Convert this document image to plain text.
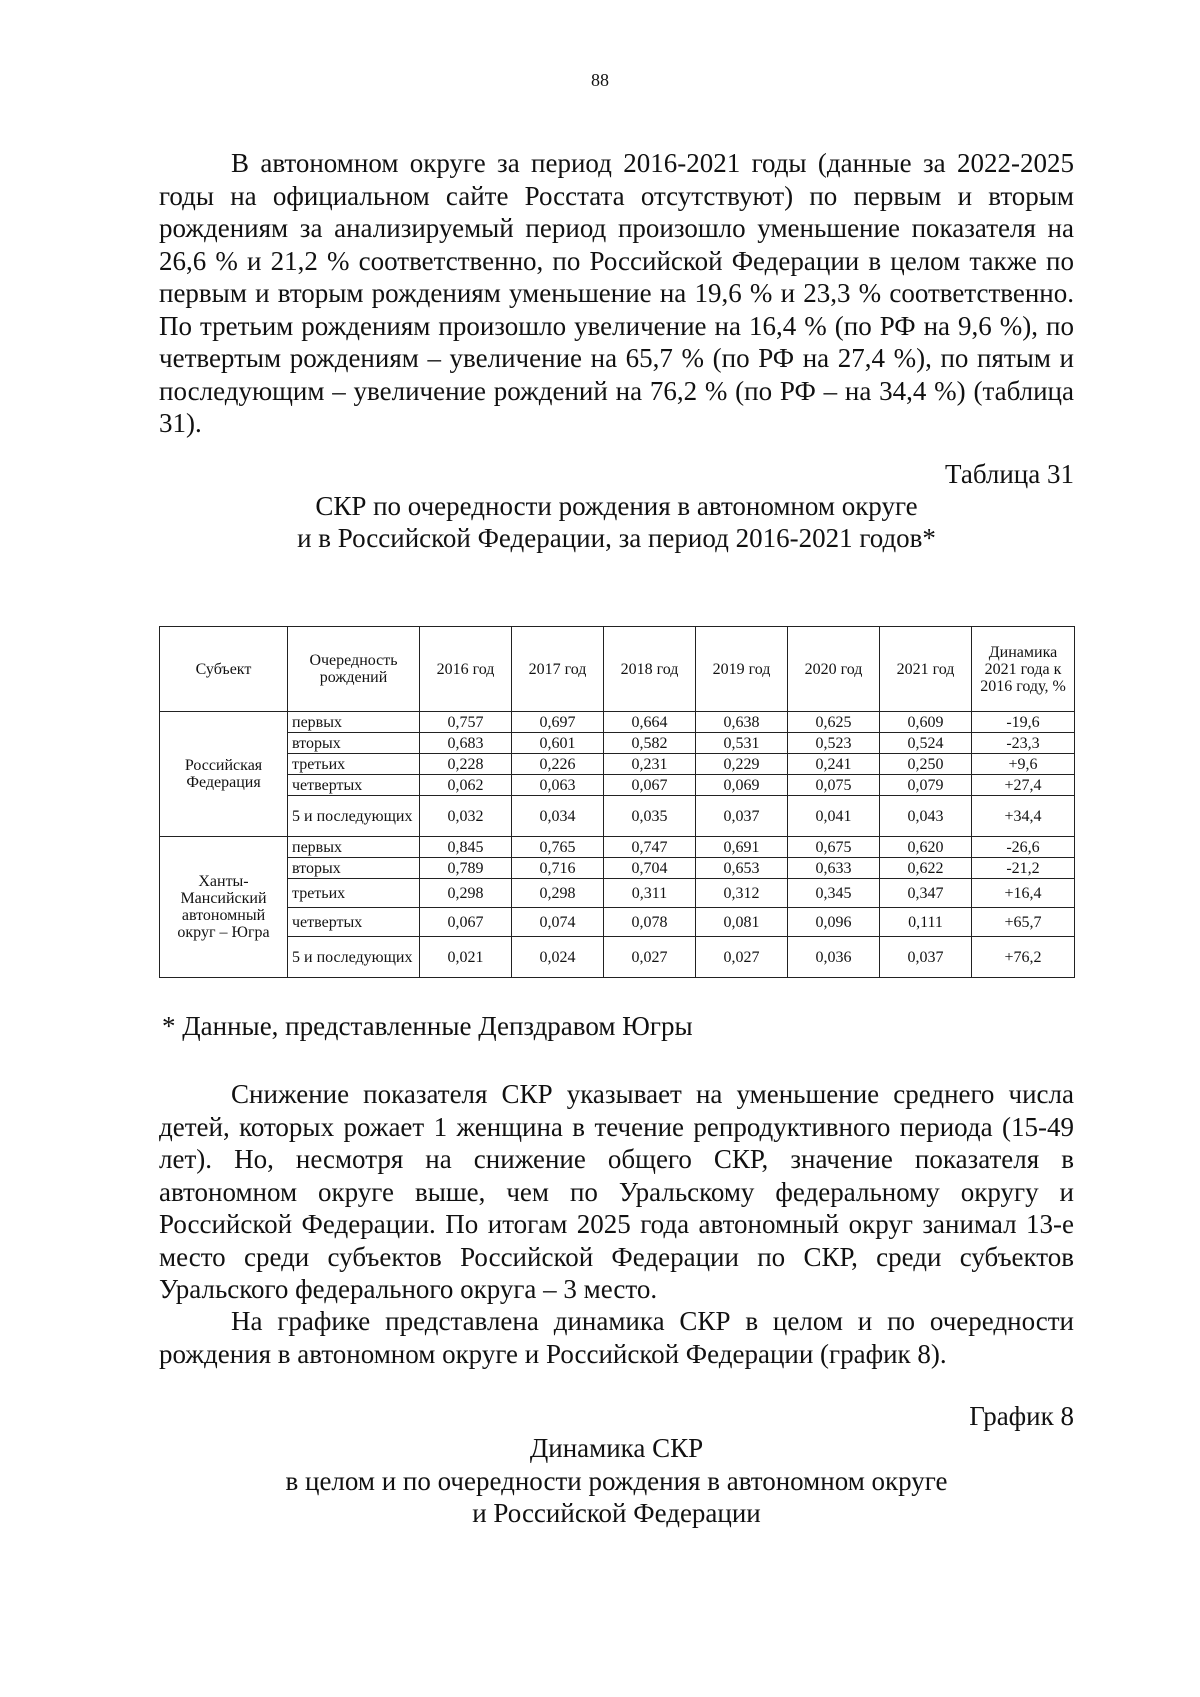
88

В автономном округе за период 2016-2021 годы (данные за 2022-2025 годы на официальном сайте Росстата отсутствуют) по первым и вторым рождениям за анализируемый период произошло уменьшение показателя на 26,6 % и 21,2 % соответственно, по Российской Федерации в целом также по первым и вторым рождениям уменьшение на 19,6 % и 23,3 % соответственно. По третьим рождениям произошло увеличение на 16,4 % (по РФ на 9,6 %), по четвертым рождениям – увеличение на 65,7 % (по РФ на 27,4 %), по пятым и последующим – увеличение рождений на 76,2 % (по РФ – на 34,4 %) (таблица 31).

Таблица 31
СКР по очередности рождения в автономном округе
и в Российской Федерации, за период 2016-2021 годов*
Субъект	Очередность рождений	2016 год	2017 год	2018 год	2019 год	2020 год	2021 год	Динамика 2021 года к 2016 году, %
Российская Федерация	первых	0,757	0,697	0,664	0,638	0,625	0,609	-19,6
	вторых	0,683	0,601	0,582	0,531	0,523	0,524	-23,3
	третьих	0,228	0,226	0,231	0,229	0,241	0,250	+9,6
	четвертых	0,062	0,063	0,067	0,069	0,075	0,079	+27,4
	5 и последующих	0,032	0,034	0,035	0,037	0,041	0,043	+34,4
Ханты-Мансийский автономный округ – Югра	первых	0,845	0,765	0,747	0,691	0,675	0,620	-26,6
	вторых	0,789	0,716	0,704	0,653	0,633	0,622	-21,2
	третьих	0,298	0,298	0,311	0,312	0,345	0,347	+16,4
	четвертых	0,067	0,074	0,078	0,081	0,096	0,111	+65,7
	5 и последующих	0,021	0,024	0,027	0,027	0,036	0,037	+76,2
* Данные, представленные Депздравом Югры

Снижение показателя СКР указывает на уменьшение среднего числа детей, которых рожает 1 женщина в течение репродуктивного периода (15-49 лет). Но, несмотря на снижение общего СКР, значение показателя в автономном округе выше, чем по Уральскому федеральному округу и Российской Федерации. По итогам 2025 года автономный округ занимал 13-е место среди субъектов Российской Федерации по СКР, среди субъектов Уральского федерального округа – 3 место.

На графике представлена динамика СКР в целом и по очередности рождения в автономном округе и Российской Федерации (график 8).

График 8
Динамика СКР
в целом и по очередности рождения в автономном округе
и Российской Федерации
